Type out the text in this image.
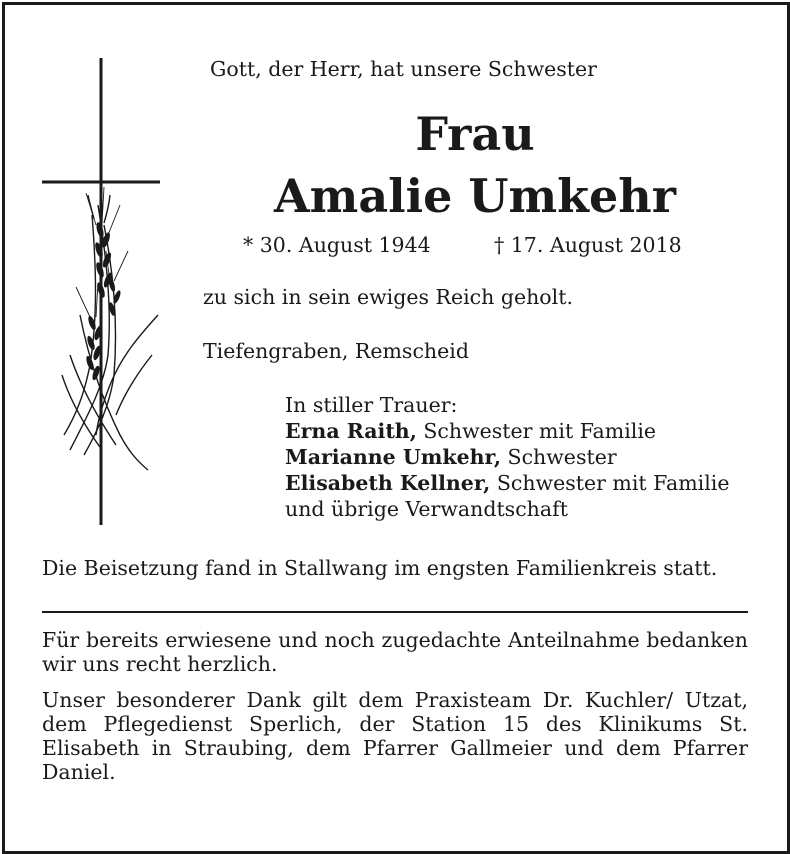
Gott, der Herr, hat unsere Schwester
Frau
Amalie Umkehr
* 30. August 1944	† 17. August 2018
zu sich in sein ewiges Reich geholt.
Tiefengraben, Remscheid
In stiller Trauer:
Erna Raith, Schwester mit Familie
Marianne Umkehr, Schwester
Elisabeth Kellner, Schwester mit Familie
und übrige Verwandtschaft
Die Beisetzung fand in Stallwang im engsten Familienkreis statt.
Für bereits erwiesene und noch zugedachte Anteilnahme bedanken wir uns recht herzlich.
Unser besonderer Dank gilt dem Praxisteam Dr. Kuchler/ Utzat, dem Pflegedienst Sperlich, der Station 15 des Klinikums St. Elisabeth in Straubing, dem Pfarrer Gallmeier und dem Pfarrer Daniel.
